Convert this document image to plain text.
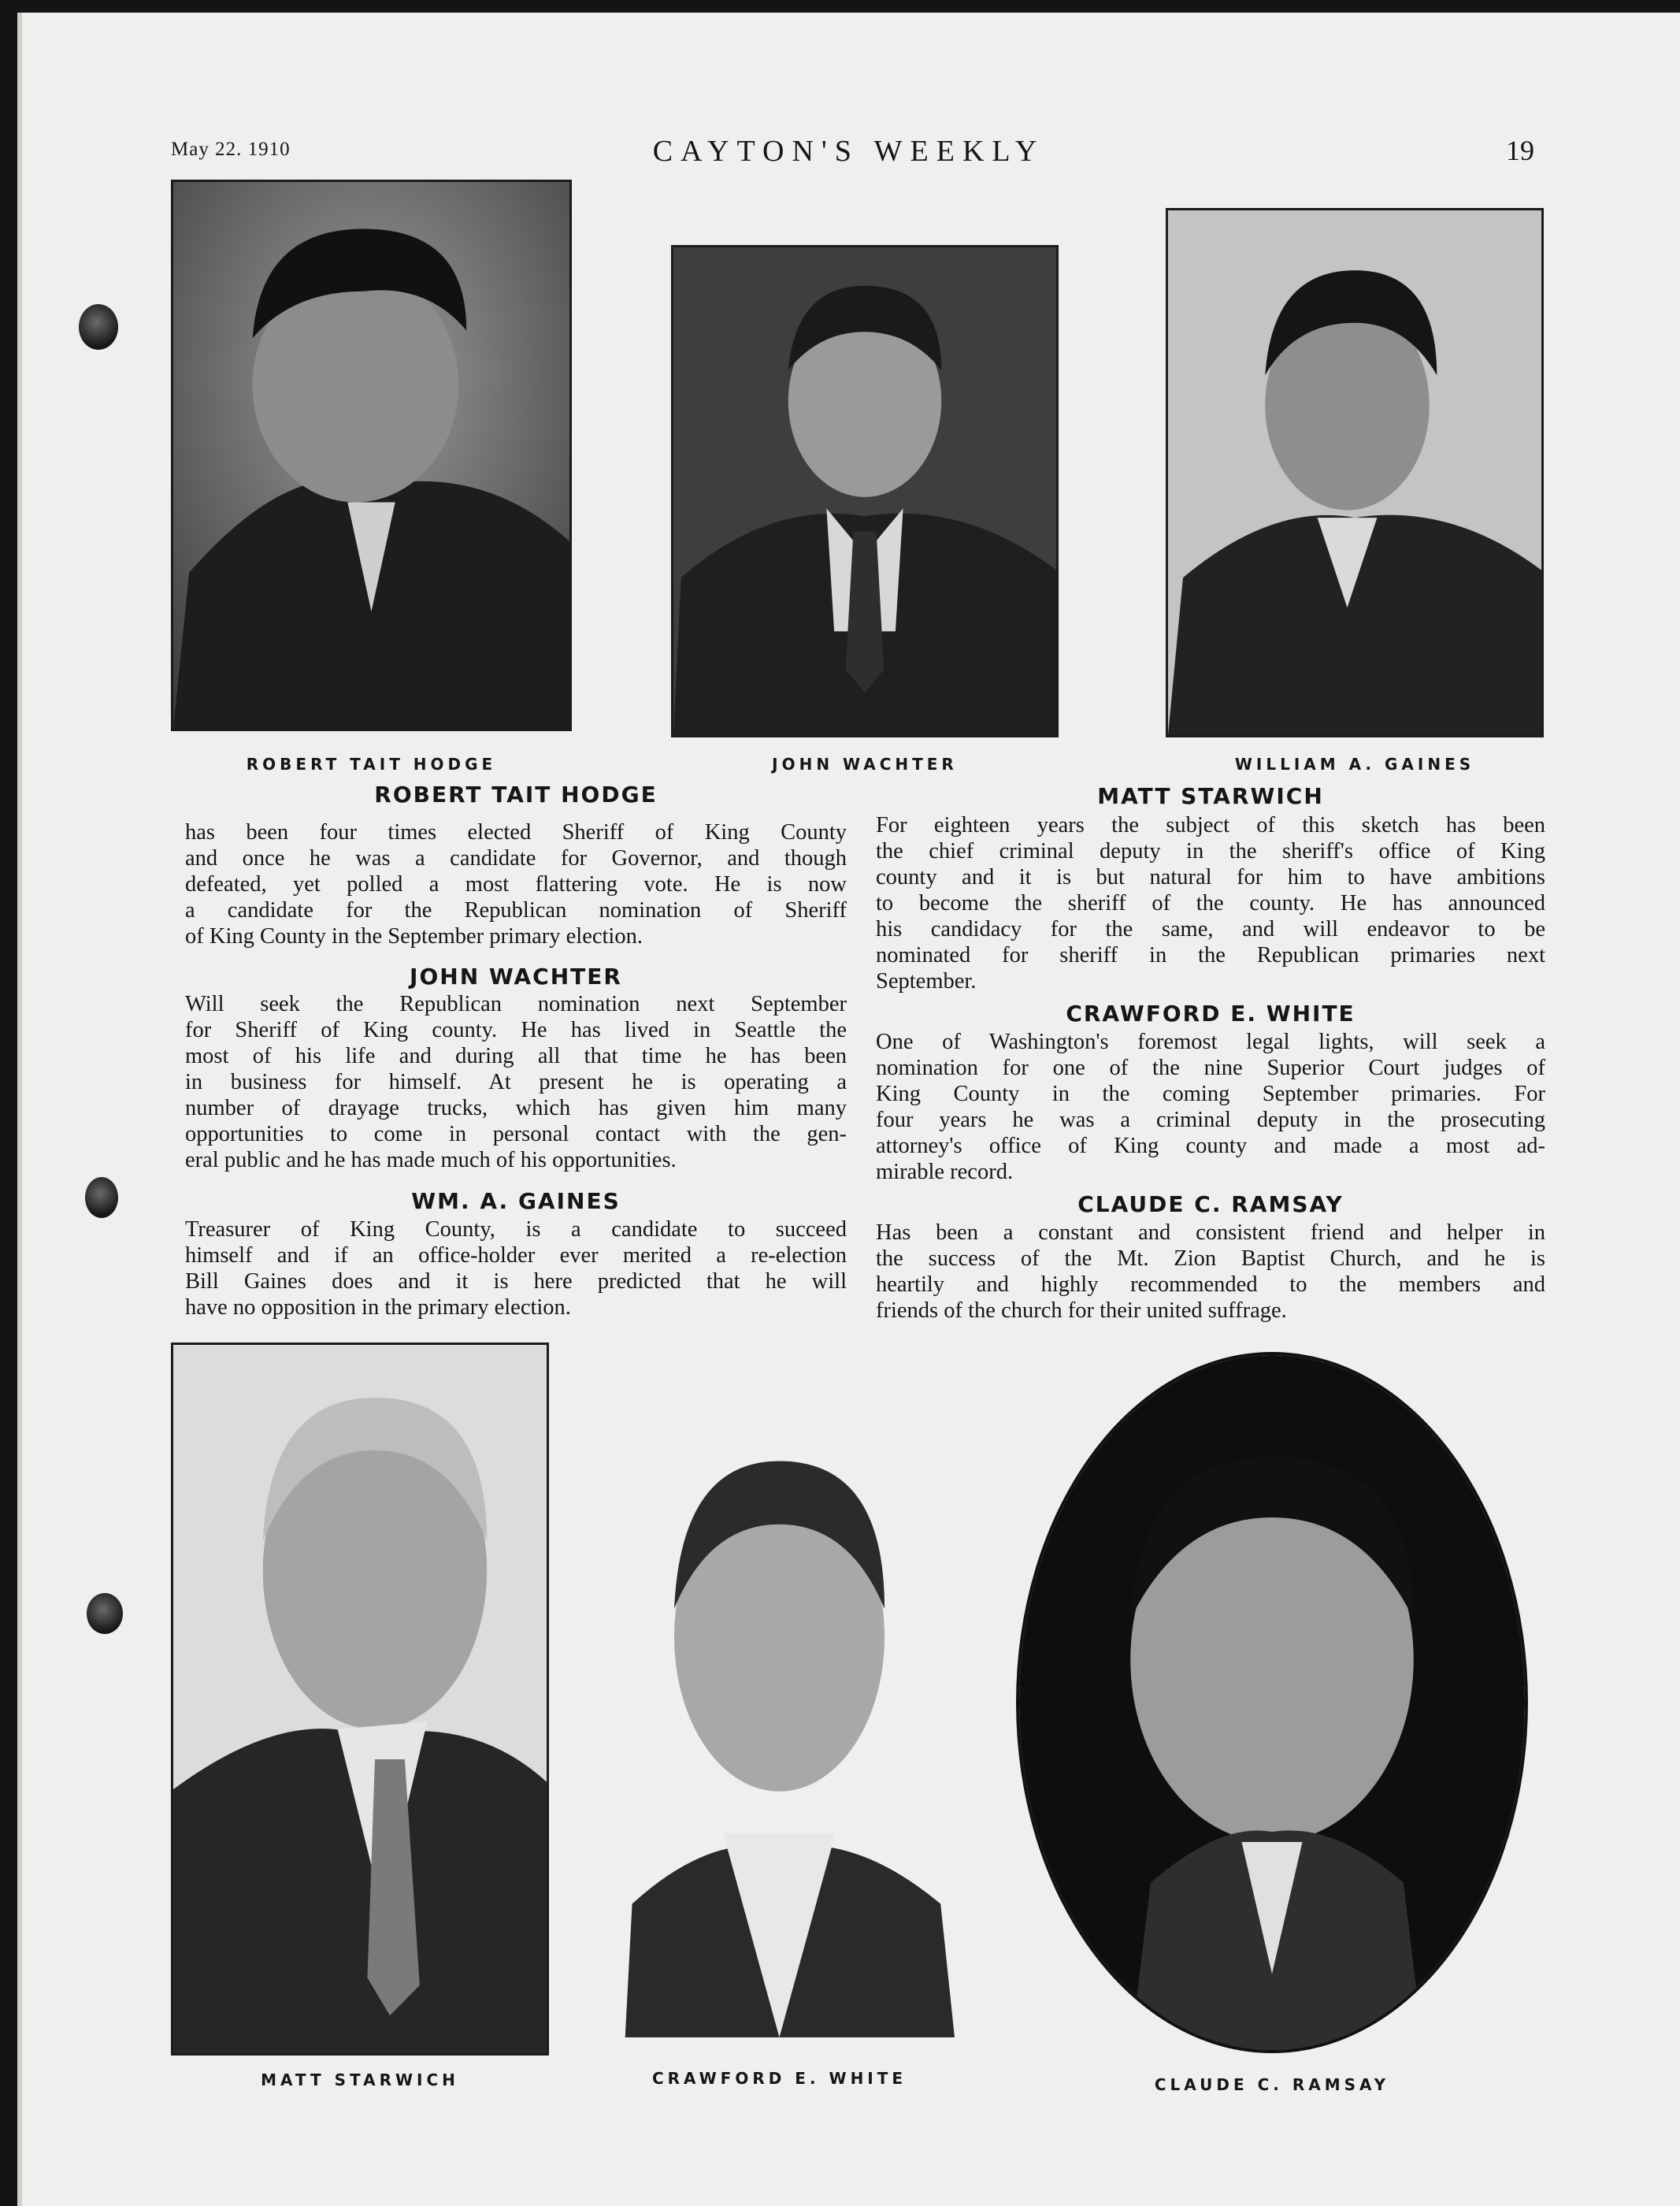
May 22. 1910	CAYTON'S WEEKLY	19
ROBERT TAIT HODGE	JOHN WACHTER	WILLIAM A. GAINES
ROBERT TAIT HODGE
has been four times elected Sheriff of King County
and once he was a candidate for Governor, and though
defeated, yet polled a most flattering vote. He is now
a candidate for the Republican nomination of Sheriff
of King County in the September primary election.
JOHN WACHTER
Will seek the Republican nomination next September
for Sheriff of King county. He has lived in Seattle the
most of his life and during all that time he has been
in business for himself. At present he is operating a
number of drayage trucks, which has given him many
opportunities to come in personal contact with the gen-
eral public and he has made much of his opportunities.
WM. A. GAINES
Treasurer of King County, is a candidate to succeed
himself and if an office-holder ever merited a re-election
Bill Gaines does and it is here predicted that he will
have no opposition in the primary election.
MATT STARWICH
For eighteen years the subject of this sketch has been
the chief criminal deputy in the sheriff's office of King
county and it is but natural for him to have ambitions
to become the sheriff of the county. He has announced
his candidacy for the same, and will endeavor to be
nominated for sheriff in the Republican primaries next
September.
CRAWFORD E. WHITE
One of Washington's foremost legal lights, will seek a
nomination for one of the nine Superior Court judges of
King County in the coming September primaries. For
four years he was a criminal deputy in the prosecuting
attorney's office of King county and made a most ad-
mirable record.
CLAUDE C. RAMSAY
Has been a constant and consistent friend and helper in
the success of the Mt. Zion Baptist Church, and he is
heartily and highly recommended to the members and
friends of the church for their united suffrage.
MATT STARWICH	CRAWFORD E. WHITE	CLAUDE C. RAMSAY
